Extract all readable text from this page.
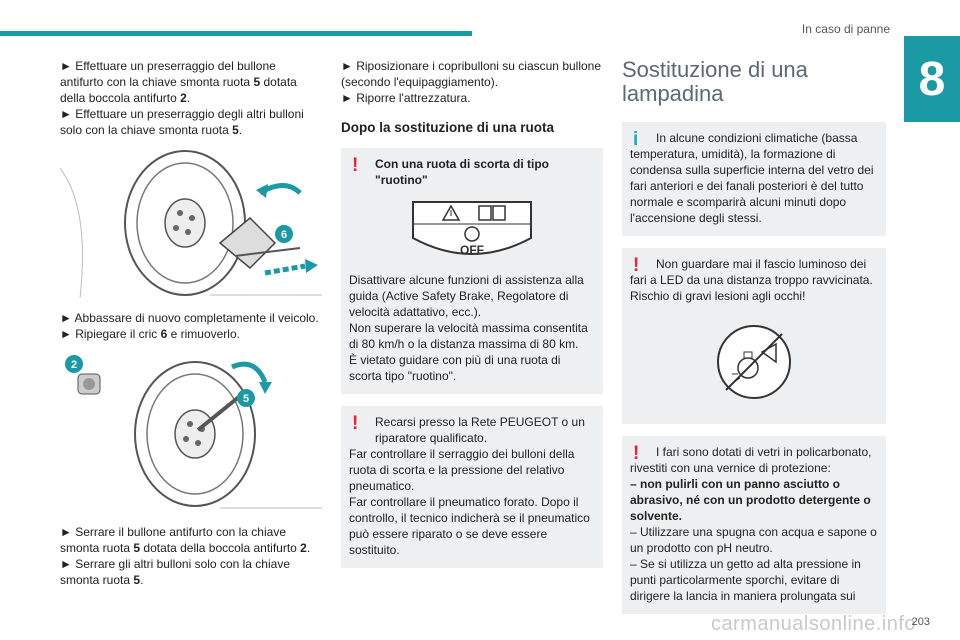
In caso di panne
8

► Effettuare un preserraggio del bullone antifurto con la chiave smonta ruota 5 dotata della boccola antifurto 2.

► Effettuare un preserraggio degli altri bulloni solo con la chiave smonta ruota 5.

6

► Abbassare di nuovo completamente il veicolo.

► Ripiegare il cric 6 e rimuoverlo.

2
5

► Serrare il bullone antifurto con la chiave smonta ruota 5 dotata della boccola antifurto 2.

► Serrare gli altri bulloni solo con la chiave smonta ruota 5.

► Riposizionare i copribulloni su ciascun bullone (secondo l'equipaggiamento).

► Riporre l'attrezzatura.

Dopo la sostituzione di una ruota
!	Con una ruota di scorta di tipo "ruotino"

OFF

Disattivare alcune funzioni di assistenza alla guida (Active Safety Brake, Regolatore di velocità adattativo, ecc.).

Non superare la velocità massima consentita di 80 km/h o la distanza massima di 80 km.

È vietato guidare con più di una ruota di scorta tipo "ruotino".

!	Recarsi presso la Rete PEUGEOT o un riparatore qualificato.

Far controllare il serraggio dei bulloni della ruota di scorta e la pressione del relativo pneumatico.

Far controllare il pneumatico forato. Dopo il controllo, il tecnico indicherà se il pneumatico può essere riparato o se deve essere sostituito.

Sostituzione di una lampadina
i	In alcune condizioni climatiche (bassa temperatura, umidità), la formazione di condensa sulla superficie interna del vetro dei fari anteriori e dei fanali posteriori è del tutto normale e scomparirà alcuni minuti dopo l'accensione degli stessi.

!	Non guardare mai il fascio luminoso dei fari a LED da una distanza troppo ravvicinata. Rischio di gravi lesioni agli occhi!

!	I fari sono dotati di vetri in policarbonato, rivestiti con una vernice di protezione:

– non pulirli con un panno asciutto o abrasivo, né con un prodotto detergente o solvente.

– Utilizzare una spugna con acqua e sapone o un prodotto con pH neutro.

– Se si utilizza un getto ad alta pressione in punti particolarmente sporchi, evitare di dirigere la lancia in maniera prolungata sui

carmanualsonline.info
203
